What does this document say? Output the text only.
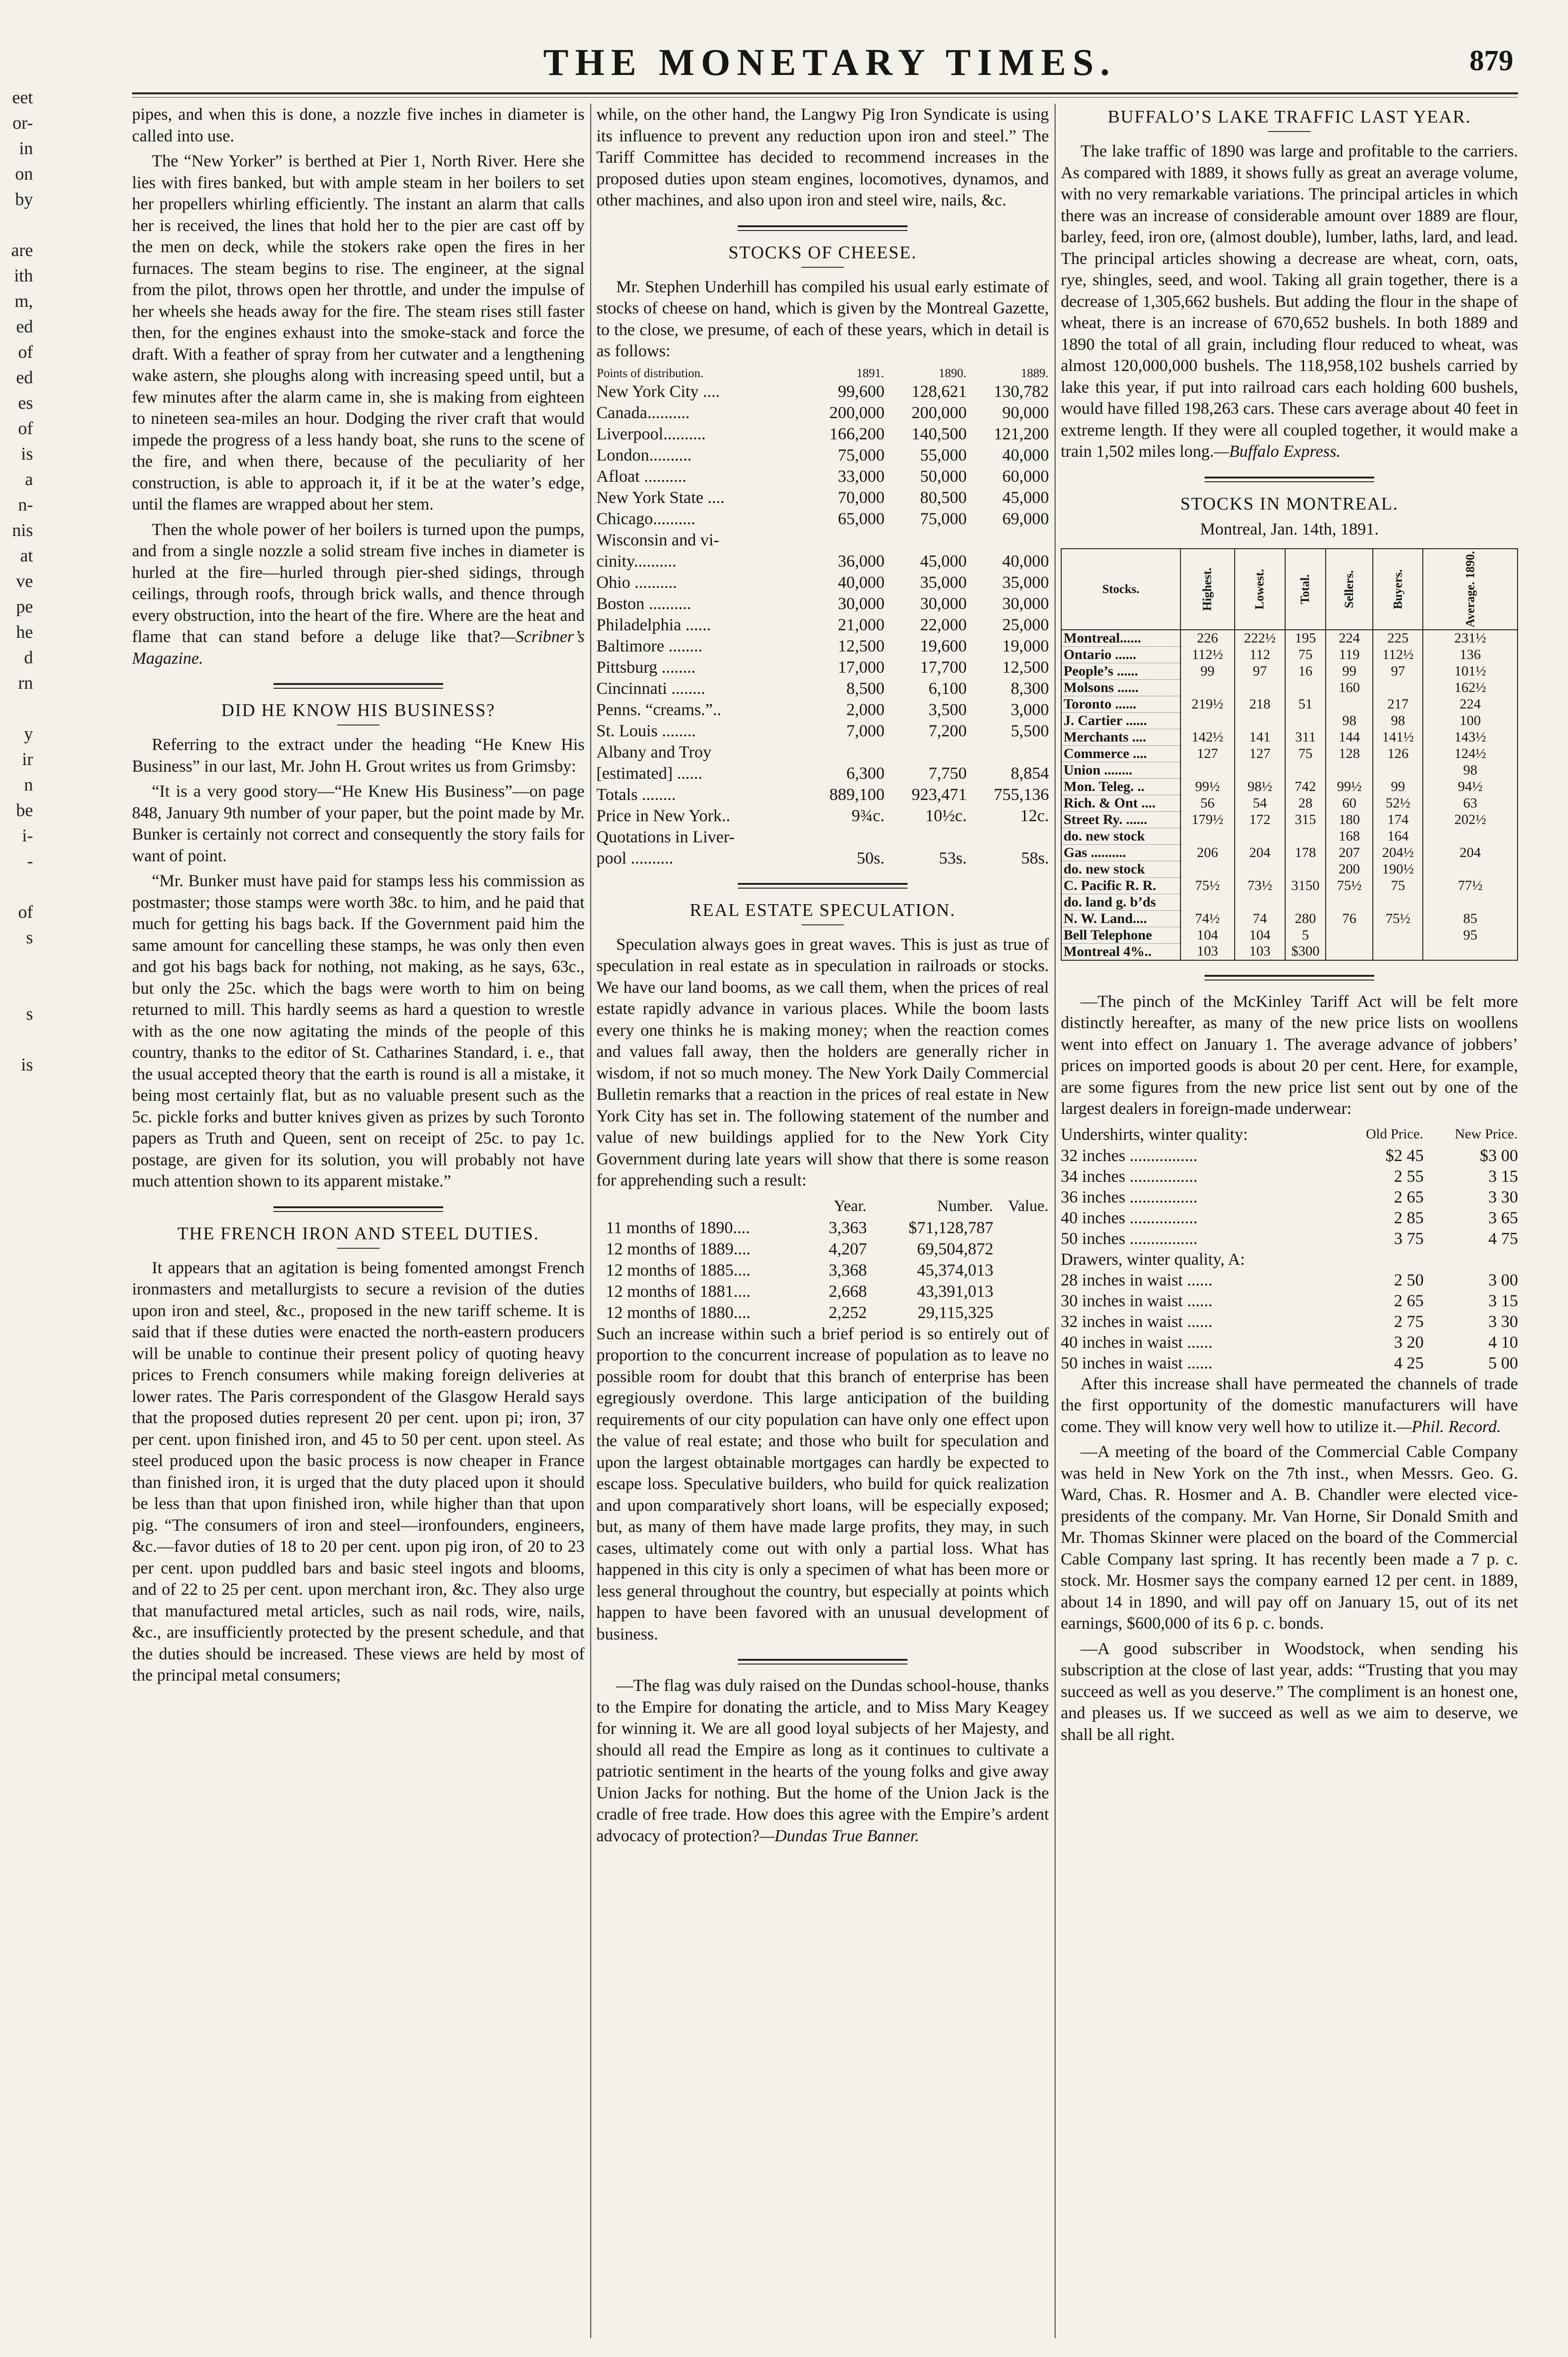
eet
or-
in
on
by
are
ith
m,
ed
of
ed
es
of
is
a
n-
nis
at
ve
pe
he
d
rn
y
ir
n
be
i-
-
of
s
s
is
THE MONETARY TIMES.	879

pipes, and when this is done, a nozzle five inches in diameter is called into use.

The “New Yorker” is berthed at Pier 1, North River. Here she lies with fires banked, but with ample steam in her boilers to set her propellers whirling efficiently. The instant an alarm that calls her is received, the lines that hold her to the pier are cast off by the men on deck, while the stokers rake open the fires in her furnaces. The steam begins to rise. The engineer, at the signal from the pilot, throws open her throttle, and under the impulse of her wheels she heads away for the fire. The steam rises still faster then, for the engines exhaust into the smoke-stack and force the draft. With a feather of spray from her cutwater and a lengthening wake astern, she ploughs along with increasing speed until, but a few minutes after the alarm came in, she is making from eighteen to nineteen sea-miles an hour. Dodging the river craft that would impede the progress of a less handy boat, she runs to the scene of the fire, and when there, because of the peculiarity of her construction, is able to approach it, if it be at the water’s edge, until the flames are wrapped about her stem.

Then the whole power of her boilers is turned upon the pumps, and from a single nozzle a solid stream five inches in diameter is hurled at the fire—hurled through pier-shed sidings, through ceilings, through roofs, through brick walls, and thence through every obstruction, into the heart of the fire. Where are the heat and flame that can stand before a deluge like that?—Scribner’s Magazine.

DID HE KNOW HIS BUSINESS?

Referring to the extract under the heading “He Knew His Business” in our last, Mr. John H. Grout writes us from Grimsby:

“It is a very good story—“He Knew His Business”—on page 848, January 9th number of your paper, but the point made by Mr. Bunker is certainly not correct and consequently the story fails for want of point.

“Mr. Bunker must have paid for stamps less his commission as postmaster; those stamps were worth 38c. to him, and he paid that much for getting his bags back. If the Government paid him the same amount for cancelling these stamps, he was only then even and got his bags back for nothing, not making, as he says, 63c., but only the 25c. which the bags were worth to him on being returned to mill. This hardly seems as hard a question to wrestle with as the one now agitating the minds of the people of this country, thanks to the editor of St. Catharines Standard, i. e., that the usual accepted theory that the earth is round is all a mistake, it being most certainly flat, but as no valuable present such as the 5c. pickle forks and butter knives given as prizes by such Toronto papers as Truth and Queen, sent on receipt of 25c. to pay 1c. postage, are given for its solution, you will probably not have much attention shown to its apparent mistake.”

THE FRENCH IRON AND STEEL DUTIES.

It appears that an agitation is being fomented amongst French ironmasters and metallurgists to secure a revision of the duties upon iron and steel, &c., proposed in the new tariff scheme. It is said that if these duties were enacted the north-eastern producers will be unable to continue their present policy of quoting heavy prices to French consumers while making foreign deliveries at lower rates. The Paris correspondent of the Glasgow Herald says that the proposed duties represent 20 per cent. upon pi; iron, 37 per cent. upon finished iron, and 45 to 50 per cent. upon steel. As steel produced upon the basic process is now cheaper in France than finished iron, it is urged that the duty placed upon it should be less than that upon finished iron, while higher than that upon pig. “The consumers of iron and steel—ironfounders, engineers, &c.—favor duties of 18 to 20 per cent. upon pig iron, of 20 to 23 per cent. upon puddled bars and basic steel ingots and blooms, and of 22 to 25 per cent. upon merchant iron, &c. They also urge that manufactured metal articles, such as nail rods, wire, nails, &c., are insufficiently protected by the present schedule, and that the duties should be increased. These views are held by most of the principal metal consumers;

while, on the other hand, the Langwy Pig Iron Syndicate is using its influence to prevent any reduction upon iron and steel.” The Tariff Committee has decided to recommend increases in the proposed duties upon steam engines, locomotives, dynamos, and other machines, and also upon iron and steel wire, nails, &c.

STOCKS OF CHEESE.

Mr. Stephen Underhill has compiled his usual early estimate of stocks of cheese on hand, which is given by the Montreal Gazette, to the close, we presume, of each of these years, which in detail is as follows:

Points of distribution.	1891.	1890.	1889.
New York City ....	99,600	128,621	130,782
Canada..........	200,000	200,000	90,000
Liverpool..........	166,200	140,500	121,200
London..........	75,000	55,000	40,000
Afloat ..........	33,000	50,000	60,000
New York State ....	70,000	80,500	45,000
Chicago..........	65,000	75,000	69,000
Wisconsin and vi-			
cinity..........	36,000	45,000	40,000
Ohio ..........	40,000	35,000	35,000
Boston ..........	30,000	30,000	30,000
Philadelphia ......	21,000	22,000	25,000
Baltimore ........	12,500	19,600	19,000
Pittsburg ........	17,000	17,700	12,500
Cincinnati ........	8,500	6,100	8,300
Penns. “creams.”..	2,000	3,500	3,000
St. Louis ........	7,000	7,200	5,500
Albany and Troy			
[estimated] ......	6,300	7,750	8,854
Totals ........	889,100	923,471	755,136
Price in New York..	9¾c.	10½c.	12c.
Quotations in Liver-			
pool ..........	50s.	53s.	58s.
REAL ESTATE SPECULATION.

Speculation always goes in great waves. This is just as true of speculation in real estate as in speculation in railroads or stocks. We have our land booms, as we call them, when the prices of real estate rapidly advance in various places. While the boom lasts every one thinks he is making money; when the reaction comes and values fall away, then the holders are generally richer in wisdom, if not so much money. The New York Daily Commercial Bulletin remarks that a reaction in the prices of real estate in New York City has set in. The following statement of the number and value of new buildings applied for to the New York City Government during late years will show that there is some reason for apprehending such a result:

	Year.	Number.	Value.
11 months of 1890....	3,363	$71,128,787	
12 months of 1889....	4,207	69,504,872	
12 months of 1885....	3,368	45,374,013	
12 months of 1881....	2,668	43,391,013	
12 months of 1880....	2,252	29,115,325	

Such an increase within such a brief period is so entirely out of proportion to the concurrent increase of population as to leave no possible room for doubt that this branch of enterprise has been egregiously overdone. This large anticipation of the building requirements of our city population can have only one effect upon the value of real estate; and those who built for speculation and upon the largest obtainable mortgages can hardly be expected to escape loss. Speculative builders, who build for quick realization and upon comparatively short loans, will be especially exposed; but, as many of them have made large profits, they may, in such cases, ultimately come out with only a partial loss. What has happened in this city is only a specimen of what has been more or less general throughout the country, but especially at points which happen to have been favored with an unusual development of business.

—The flag was duly raised on the Dundas school-house, thanks to the Empire for donating the article, and to Miss Mary Keagey for winning it. We are all good loyal subjects of her Majesty, and should all read the Empire as long as it continues to cultivate a patriotic sentiment in the hearts of the young folks and give away Union Jacks for nothing. But the home of the Union Jack is the cradle of free trade. How does this agree with the Empire’s ardent advocacy of protection?—Dundas True Banner.

BUFFALO’S LAKE TRAFFIC LAST YEAR.

The lake traffic of 1890 was large and profitable to the carriers. As compared with 1889, it shows fully as great an average volume, with no very remarkable variations. The principal articles in which there was an increase of considerable amount over 1889 are flour, barley, feed, iron ore, (almost double), lumber, laths, lard, and lead. The principal articles showing a decrease are wheat, corn, oats, rye, shingles, seed, and wool. Taking all grain together, there is a decrease of 1,305,662 bushels. But adding the flour in the shape of wheat, there is an increase of 670,652 bushels. In both 1889 and 1890 the total of all grain, including flour reduced to wheat, was almost 120,000,000 bushels. The 118,958,102 bushels carried by lake this year, if put into railroad cars each holding 600 bushels, would have filled 198,263 cars. These cars average about 40 feet in extreme length. If they were all coupled together, it would make a train 1,502 miles long.—Buffalo Express.

STOCKS IN MONTREAL.
Montreal, Jan. 14th, 1891.
Stocks.	Highest.	Lowest.	Total.	Sellers.	Buyers.	Average. 1890.
Montreal......	226	222½	195	224	225	231½
Ontario ......	112½	112	75	119	112½	136
People’s ......	99	97	16	99	97	101½
Molsons ......				160		162½
Toronto ......	219½	218	51		217	224
J. Cartier ......				98	98	100
Merchants ....	142½	141	311	144	141½	143½
Commerce ....	127	127	75	128	126	124½
Union ........						98
Mon. Teleg. ..	99½	98½	742	99½	99	94½
Rich. & Ont ....	56	54	28	60	52½	63
Street Ry. ......	179½	172	315	180	174	202½
do. new stock				168	164	
Gas ..........	206	204	178	207	204½	204
do. new stock				200	190½	
C. Pacific R. R.	75½	73½	3150	75½	75	77½
do. land g. b’ds						
N. W. Land....	74½	74	280	76	75½	85
Bell Telephone	104	104	5			95
Montreal 4%..	103	103	$300			

—The pinch of the McKinley Tariff Act will be felt more distinctly hereafter, as many of the new price lists on woollens went into effect on January 1. The average advance of jobbers’ prices on imported goods is about 20 per cent. Here, for example, are some figures from the new price list sent out by one of the largest dealers in foreign-made underwear:

Undershirts, winter quality:	Old Price.	New Price.
32 inches ................	$2 45	$3 00
34 inches ................	2 55	3 15
36 inches ................	2 65	3 30
40 inches ................	2 85	3 65
50 inches ................	3 75	4 75
Drawers, winter quality, A:		
28 inches in waist ......	2 50	3 00
30 inches in waist ......	2 65	3 15
32 inches in waist ......	2 75	3 30
40 inches in waist ......	3 20	4 10
50 inches in waist ......	4 25	5 00

After this increase shall have permeated the channels of trade the first opportunity of the domestic manufacturers will have come. They will know very well how to utilize it.—Phil. Record.

—A meeting of the board of the Commercial Cable Company was held in New York on the 7th inst., when Messrs. Geo. G. Ward, Chas. R. Hosmer and A. B. Chandler were elected vice-presidents of the company. Mr. Van Horne, Sir Donald Smith and Mr. Thomas Skinner were placed on the board of the Commercial Cable Company last spring. It has recently been made a 7 p. c. stock. Mr. Hosmer says the company earned 12 per cent. in 1889, about 14 in 1890, and will pay off on January 15, out of its net earnings, $600,000 of its 6 p. c. bonds.

—A good subscriber in Woodstock, when sending his subscription at the close of last year, adds: “Trusting that you may succeed as well as you deserve.” The compliment is an honest one, and pleases us. If we succeed as well as we aim to deserve, we shall be all right.
